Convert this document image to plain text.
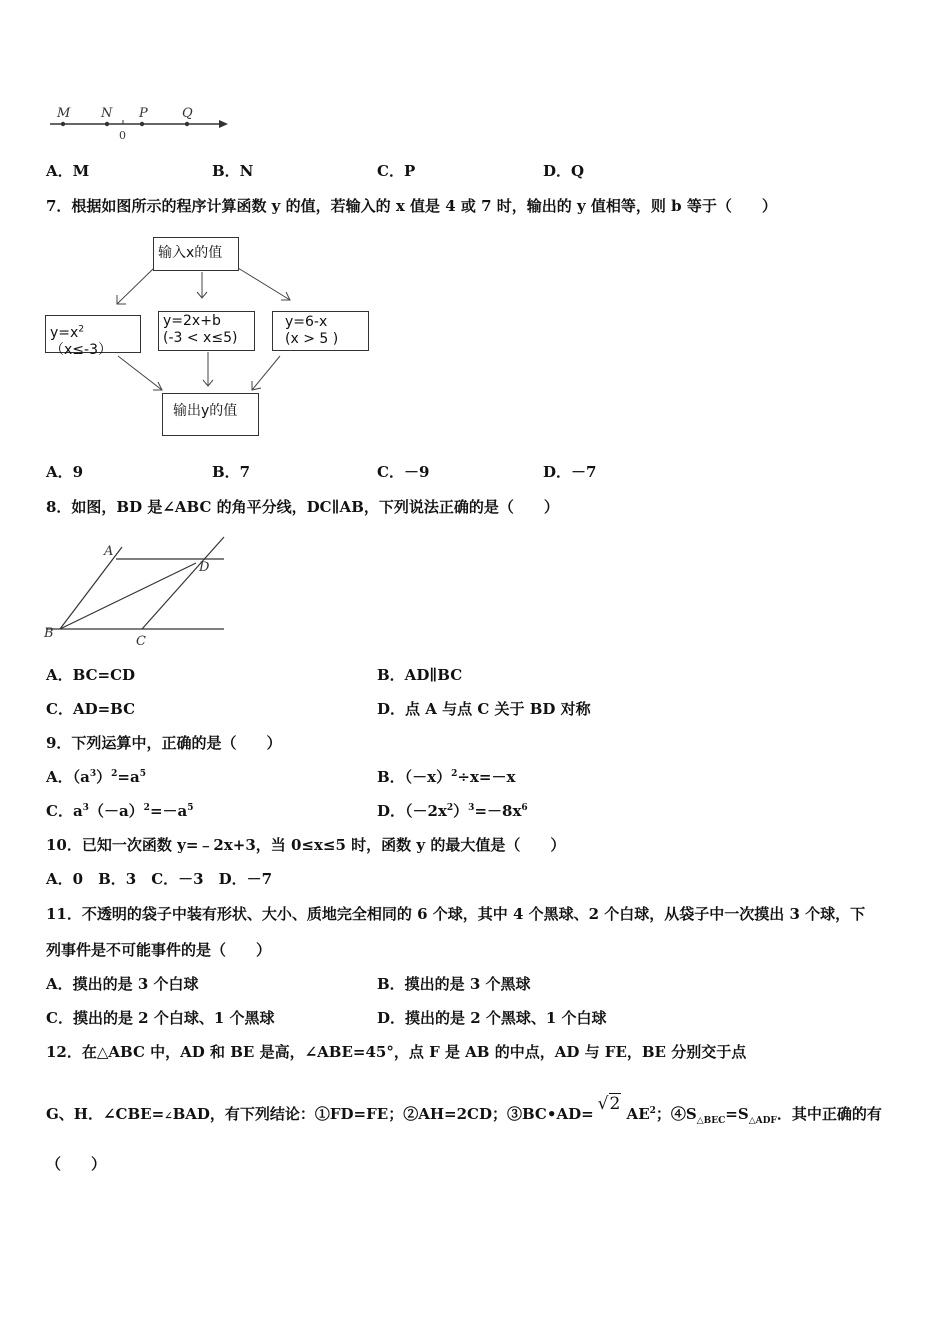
M N P	Q
0
A．M	B．N	C．P	D．Q
7．根据如图所示的程序计算函数 y 的值，若输入的 x 值是 4 或 7 时，输出的 y 值相等，则 b 等于（　　）
输入x的值
$y=x^2(x\le-3)$
y=2x+b
(-3 < x≤5)
y=6-x
(x > 5 )
输出y的值
A．9	B．7	C．－9	D．－7
8．如图，BD 是∠ABC 的角平分线，DC∥AB，下列说法正确的是（　　）
A
B
C
D
A．BC=CD	B．AD∥BC
C．AD=BC	D．点 A 与点 C 关于 BD 对称
9．下列运算中，正确的是（　　）
A．$(a^3)^2=a^5$	B．$(-x)^2\div x=-x$
C．$a^3(-a)^2=-a^5$	D．$(-2x^2)^3=-8x^6$
10．已知一次函数 y=﹣2x+3，当 0≤x≤5 时，函数 y 的最大值是（　　）
A．0　B．3　C．－3　D．－7
11．不透明的袋子中装有形状、大小、质地完全相同的 6 个球，其中 4 个黑球、2 个白球，从袋子中一次摸出 3 个球，下
列事件是不可能事件的是（　　）
A．摸出的是 3 个白球	B．摸出的是 3 个黑球
C．摸出的是 2 个白球、1 个黑球	D．摸出的是 2 个黑球、1 个白球
12．在△ABC 中，AD 和 BE 是高，∠ABE=45°，点 F 是 AB 的中点，AD 与 FE，BE 分别交于点
G、H．∠CBE=∠BAD，有下列结论：①FD=FE；②AH=2CD；③BC•AD= √2 $AE^2$；$④S_{\triangle BEC}=S_{\triangle ADF}$．其中正确的有
（　　）
